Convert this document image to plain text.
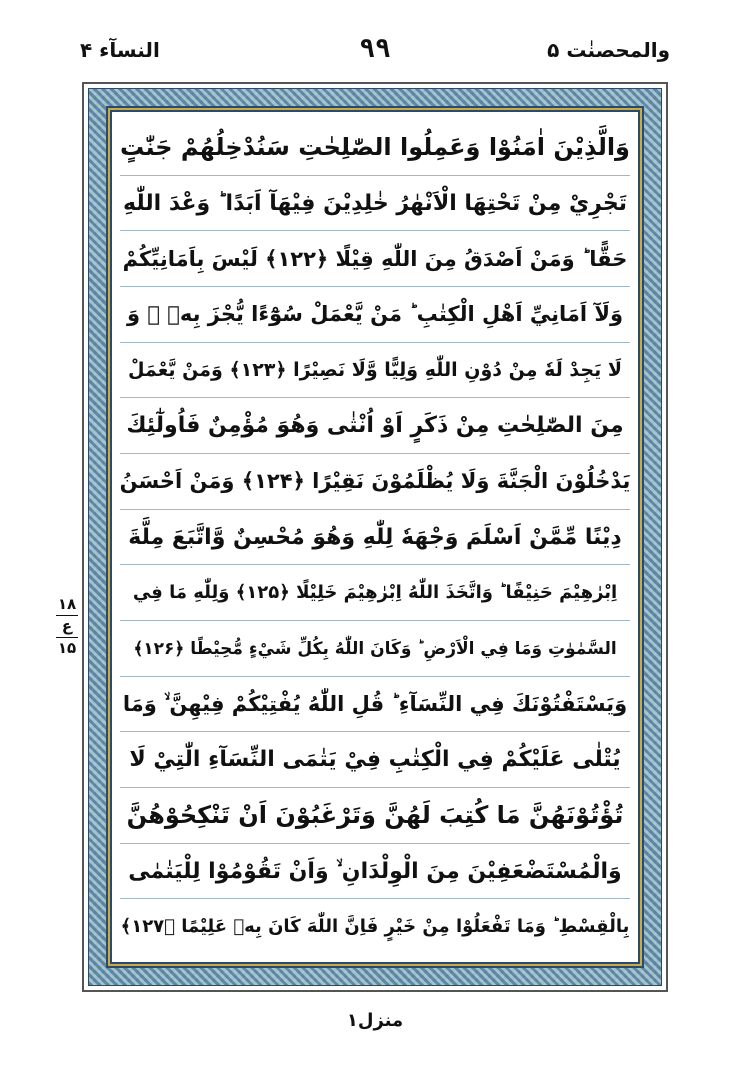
والمحصنٰت ۵
۹۹
النسآء ۴
وَالَّذِيْنَ اٰمَنُوْا وَعَمِلُوا الصّٰلِحٰتِ سَنُدْخِلُهُمْ جَنّٰتٍ
تَجْرِيْ مِنْ تَحْتِهَا الْاَنْهٰرُ خٰلِدِيْنَ فِيْهَآ اَبَدًا ؕ وَعْدَ اللّٰهِ
حَقًّا ؕ وَمَنْ اَصْدَقُ مِنَ اللّٰهِ قِيْلًا ﴿۱۲۲﴾ لَيْسَ بِاَمَانِيِّكُمْ
وَلَآ اَمَانِيِّ اَهْلِ الْكِتٰبِ ؕ مَنْ يَّعْمَلْ سُوْٓءًا يُّجْزَ بِهٖ ۙ وَ
لَا يَجِدْ لَهٗ مِنْ دُوْنِ اللّٰهِ وَلِيًّا وَّلَا نَصِيْرًا ﴿۱۲۳﴾ وَمَنْ يَّعْمَلْ
مِنَ الصّٰلِحٰتِ مِنْ ذَكَرٍ اَوْ اُنْثٰى وَهُوَ مُؤْمِنٌ فَاُولٰٓئِكَ
يَدْخُلُوْنَ الْجَنَّةَ وَلَا يُظْلَمُوْنَ نَقِيْرًا ﴿۱۲۴﴾ وَمَنْ اَحْسَنُ
دِيْنًا مِّمَّنْ اَسْلَمَ وَجْهَهٗ لِلّٰهِ وَهُوَ مُحْسِنٌ وَّاتَّبَعَ مِلَّةَ
اِبْرٰهِيْمَ حَنِيْفًا ؕ وَاتَّخَذَ اللّٰهُ اِبْرٰهِيْمَ خَلِيْلًا ﴿۱۲۵﴾ وَلِلّٰهِ مَا فِي
السَّمٰوٰتِ وَمَا فِي الْاَرْضِ ؕ وَكَانَ اللّٰهُ بِكُلِّ شَيْءٍ مُّحِيْطًا ﴿۱۲۶﴾
وَيَسْتَفْتُوْنَكَ فِي النِّسَآءِ ؕ قُلِ اللّٰهُ يُفْتِيْكُمْ فِيْهِنَّ ۙ وَمَا
يُتْلٰى عَلَيْكُمْ فِي الْكِتٰبِ فِيْ يَتٰمَى النِّسَآءِ الّٰتِيْ لَا
تُؤْتُوْنَهُنَّ مَا كُتِبَ لَهُنَّ وَتَرْغَبُوْنَ اَنْ تَنْكِحُوْهُنَّ
وَالْمُسْتَضْعَفِيْنَ مِنَ الْوِلْدَانِ ۙ وَاَنْ تَقُوْمُوْا لِلْيَتٰمٰى
بِالْقِسْطِ ؕ وَمَا تَفْعَلُوْا مِنْ خَيْرٍ فَاِنَّ اللّٰهَ كَانَ بِهٖ عَلِيْمًا ﴿۱۲۷﴾
۱۸
ع
۱۵
منزل۱
